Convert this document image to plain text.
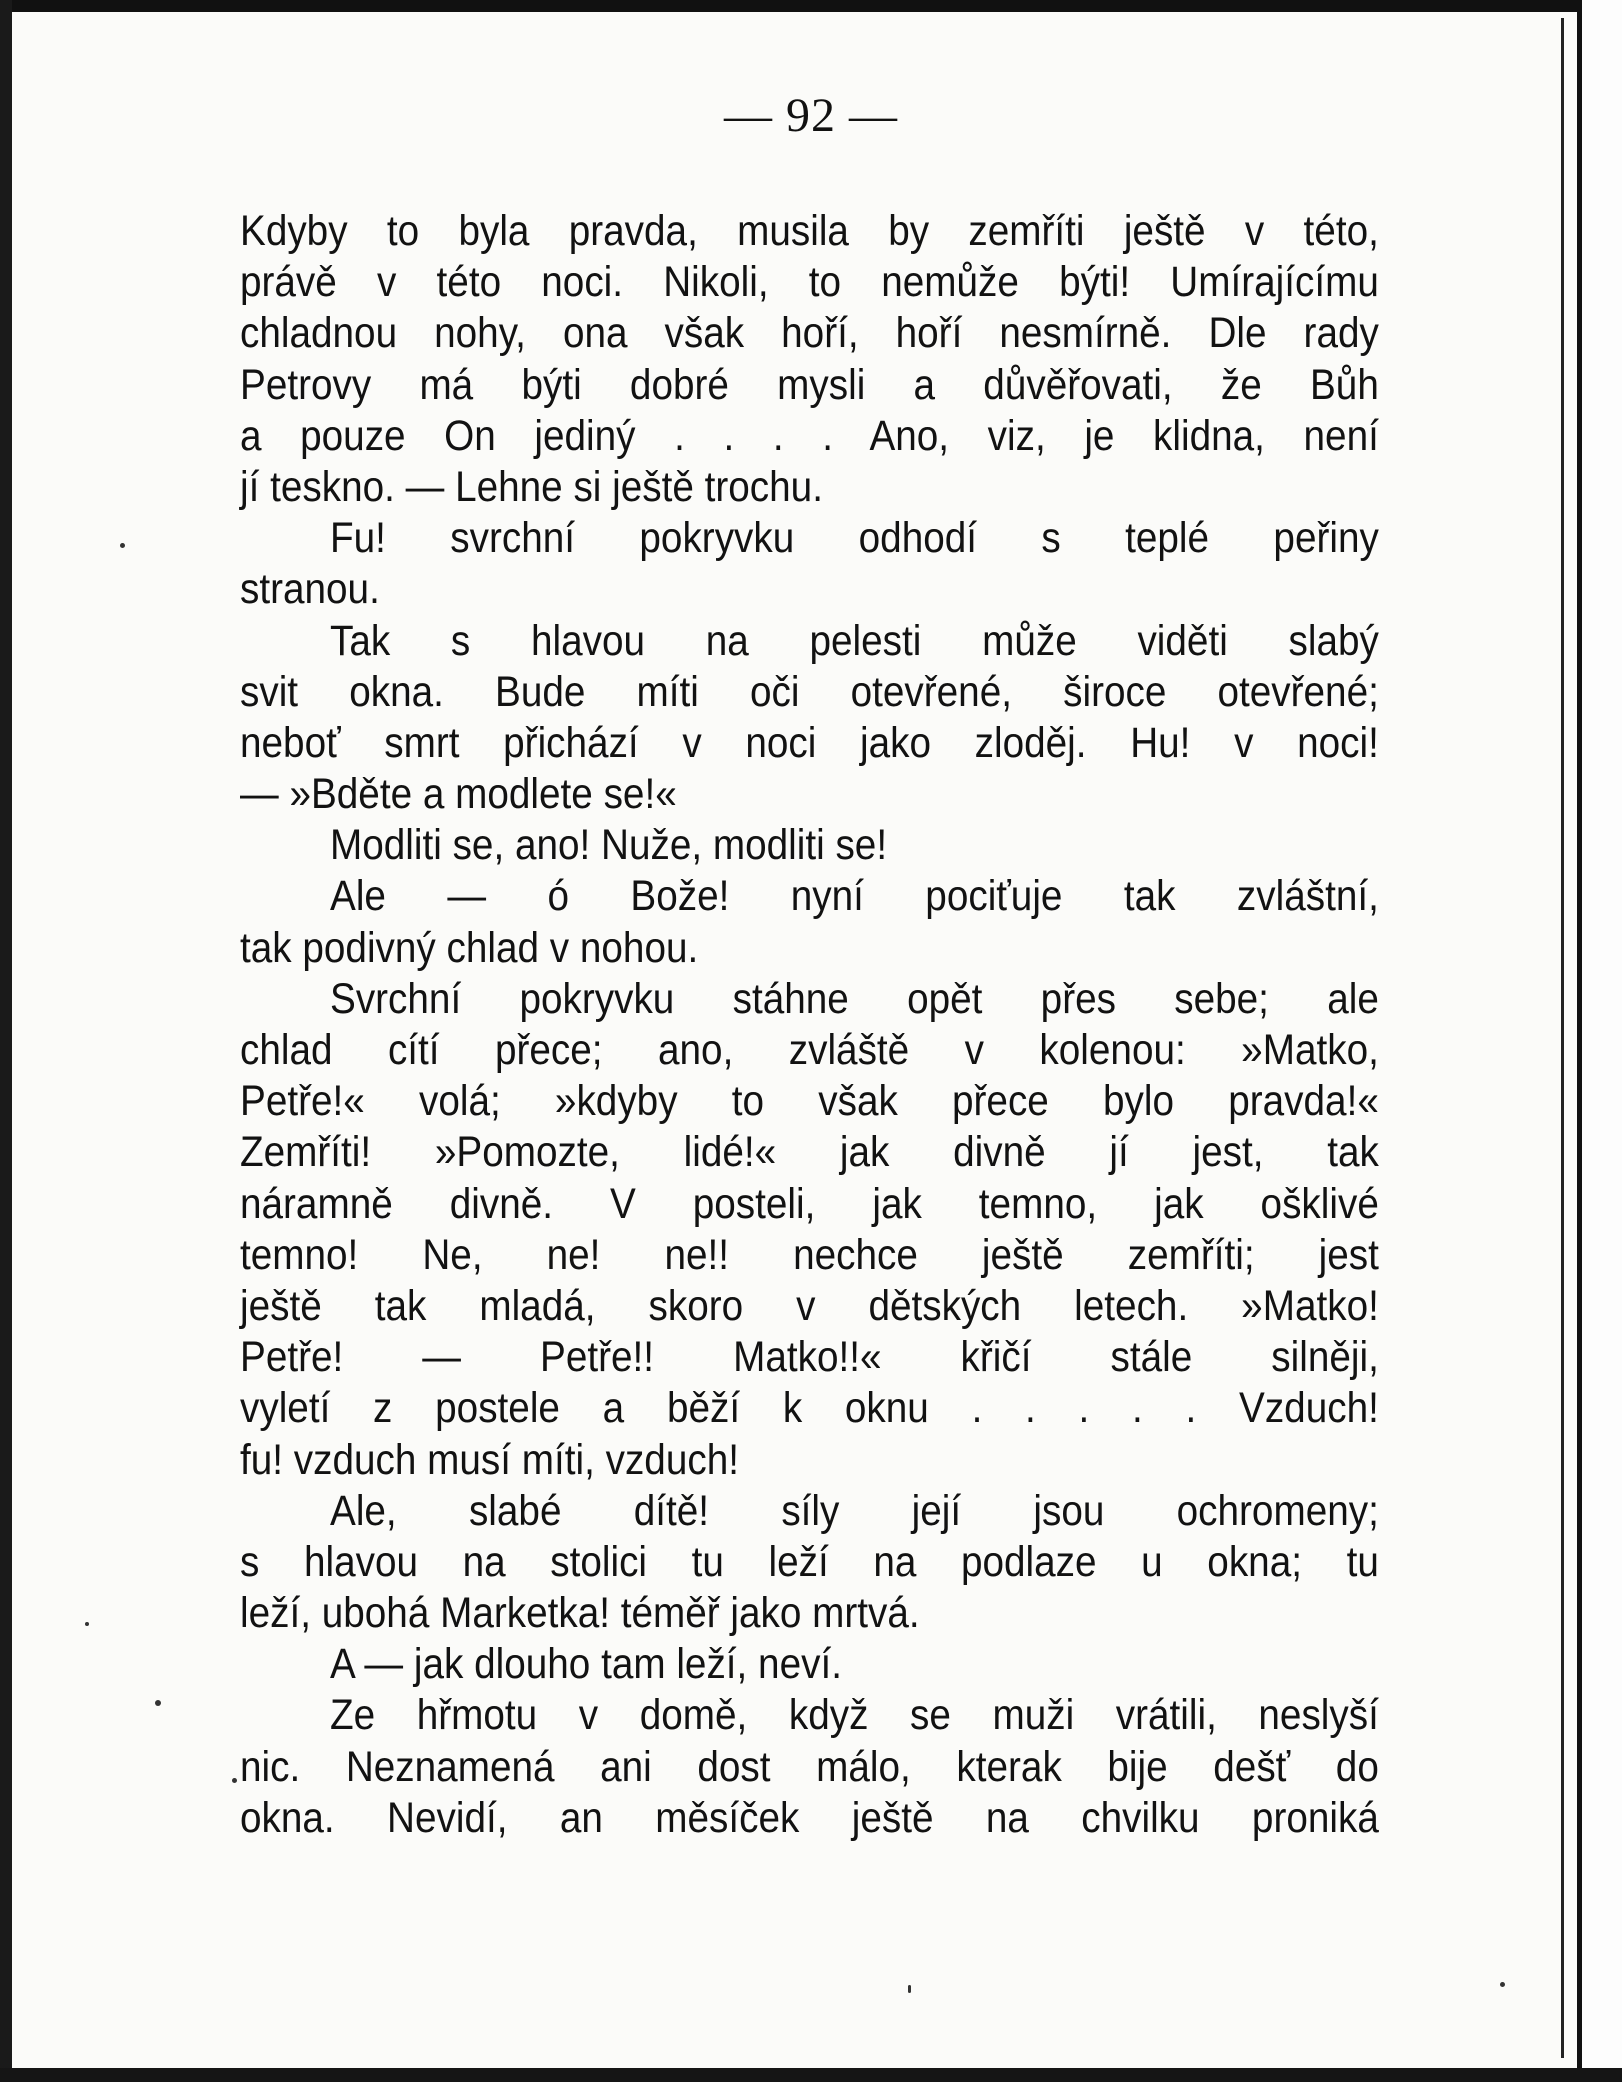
— 92 —
Kdyby to byla pravda, musila by zemříti ještě v této,
právě v této noci. Nikoli, to nemůže býti! Umírajícímu
chladnou nohy, ona však hoří, hoří nesmírně. Dle rady
Petrovy má býti dobré mysli a důvěřovati, že Bůh
a pouze On jediný . . . . Ano, viz, je klidna, není
jí teskno. — Lehne si ještě trochu.
Fu! svrchní pokryvku odhodí s teplé peřiny
stranou.
Tak s hlavou na pelesti může viděti slabý
svit okna. Bude míti oči otevřené, široce otevřené;
neboť smrt přichází v noci jako zloděj. Hu! v noci!
— »Bděte a modlete se!«
Modliti se, ano! Nuže, modliti se!
Ale — ó Bože! nyní pociťuje tak zvláštní,
tak podivný chlad v nohou.
Svrchní pokryvku stáhne opět přes sebe; ale
chlad cítí přece; ano, zvláště v kolenou: »Matko,
Petře!« volá; »kdyby to však přece bylo pravda!«
Zemříti! »Pomozte, lidé!« jak divně jí jest, tak
náramně divně. V posteli, jak temno, jak ošklivé
temno! Ne, ne! ne!! nechce ještě zemříti; jest
ještě tak mladá, skoro v dětských letech. »Matko!
Petře! — Petře!! Matko!!« křičí stále silněji,
vyletí z postele a běží k oknu . . . . . Vzduch!
fu! vzduch musí míti, vzduch!
Ale, slabé dítě! síly její jsou ochromeny;
s hlavou na stolici tu leží na podlaze u okna; tu
leží, ubohá Marketka! téměř jako mrtvá.
A — jak dlouho tam leží, neví.
Ze hřmotu v domě, když se muži vrátili, neslyší
nic. Neznamená ani dost málo, kterak bije dešť do
okna. Nevidí, an měsíček ještě na chvilku proniká
